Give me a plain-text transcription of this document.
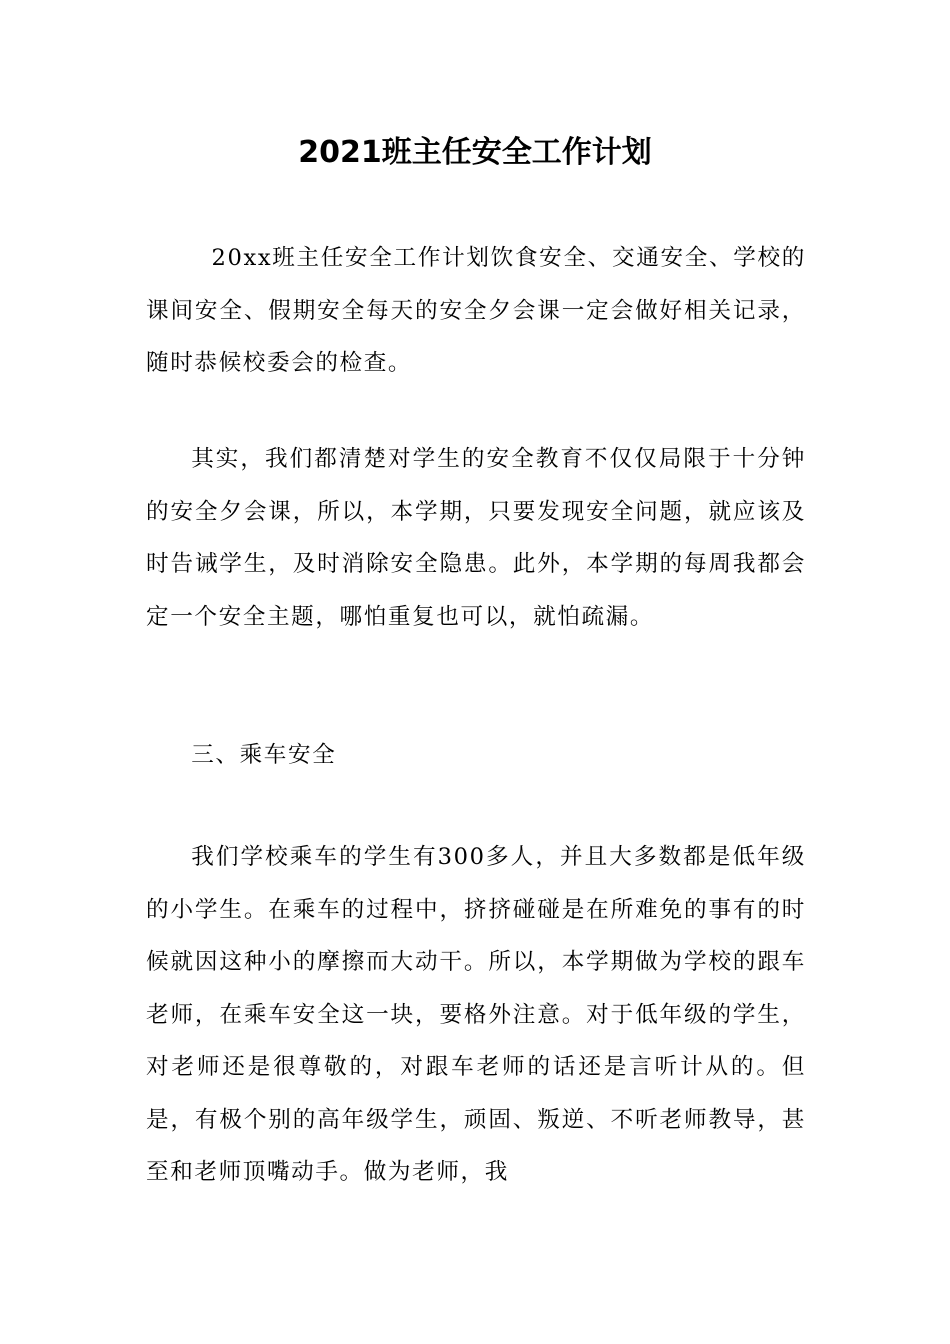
2021班主任安全工作计划

20xx班主任安全工作计划饮食安全、交通安全、学校的课间安全、假期安全每天的安全夕会课一定会做好相关记录，随时恭候校委会的检查。

其实，我们都清楚对学生的安全教育不仅仅局限于十分钟的安全夕会课，所以，本学期，只要发现安全问题，就应该及时告诫学生，及时消除安全隐患。此外，本学期的每周我都会定一个安全主题，哪怕重复也可以，就怕疏漏。

三、乘车安全

我们学校乘车的学生有300多人，并且大多数都是低年级的小学生。在乘车的过程中，挤挤碰碰是在所难免的事有的时候就因这种小的摩擦而大动干。所以，本学期做为学校的跟车老师，在乘车安全这一块，要格外注意。对于低年级的学生，对老师还是很尊敬的，对跟车老师的话还是言听计从的。但是，有极个别的高年级学生，顽固、叛逆、不听老师教导，甚至和老师顶嘴动手。做为老师，我
